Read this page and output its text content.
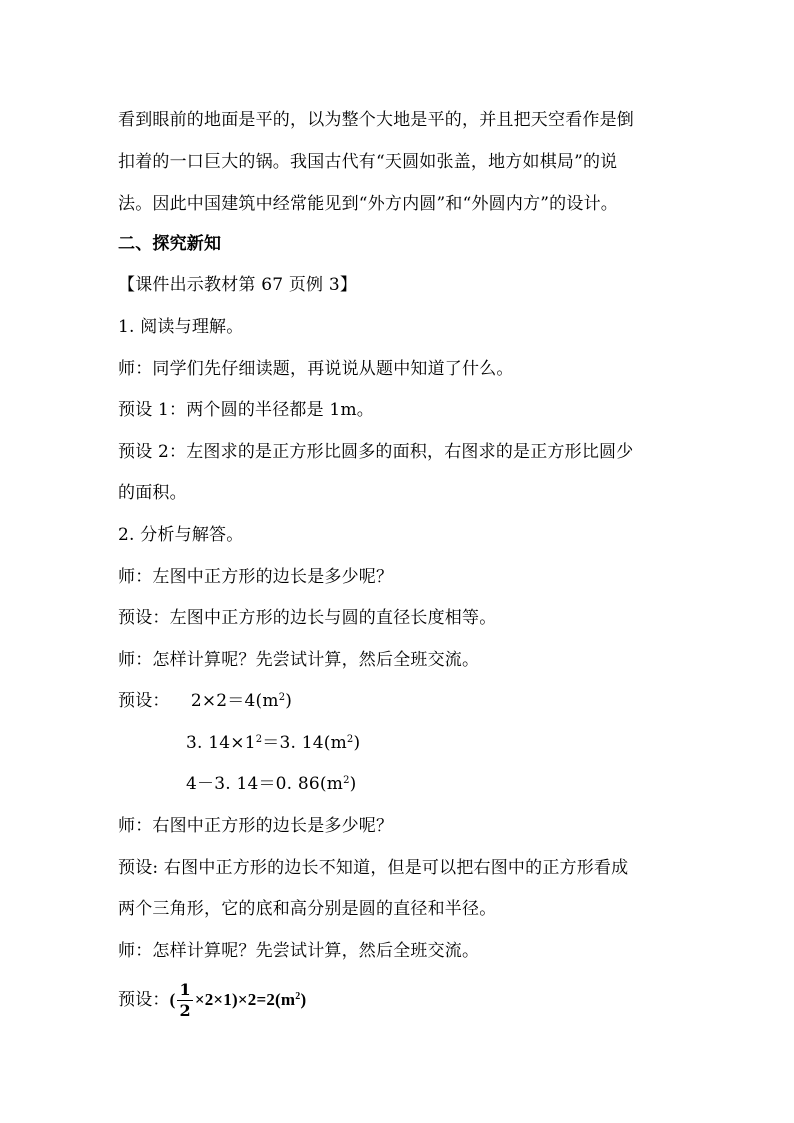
看到眼前的地面是平的，以为整个大地是平的，并且把天空看作是倒
扣着的一口巨大的锅。我国古代有“天圆如张盖，地方如棋局”的说
法。因此中国建筑中经常能见到“外方内圆”和“外圆内方”的设计。
二、探究新知
【课件出示教材第 67 页例 3】
1. 阅读与理解。
师：同学们先仔细读题，再说说从题中知道了什么。
预设 1：两个圆的半径都是 1m。
预设 2：左图求的是正方形比圆多的面积，右图求的是正方形比圆少
的面积。
2. 分析与解答。
师：左图中正方形的边长是多少呢？
预设：左图中正方形的边长与圆的直径长度相等。
师：怎样计算呢？先尝试计算，然后全班交流。
预设： $2\times 2=4(m^2)$
3. $14\times 1^2=3$. $14(m^2)$
4－3. 14＝0. $86(m^2)$
师：右图中正方形的边长是多少呢？
预设: 右图中正方形的边长不知道，但是可以把右图中的正方形看成
两个三角形，它的底和高分别是圆的直径和半径。
师：怎样计算呢？先尝试计算，然后全班交流。
预设：( $\frac{1}{2} \times 2\times 1)\times 2=2(m^2)$
